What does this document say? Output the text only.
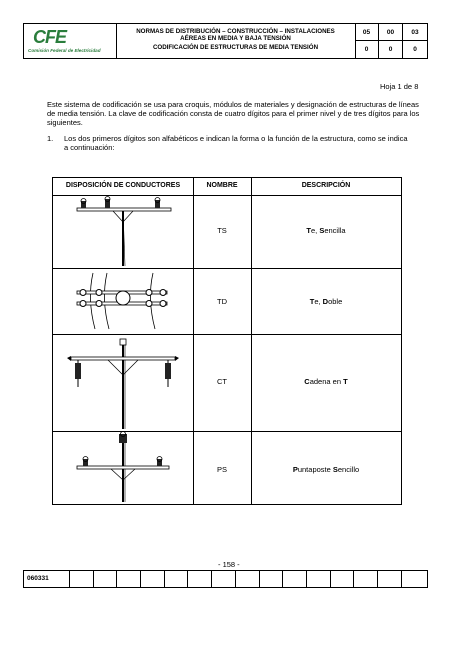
CFE
Comisión Federal de Electricidad
NORMAS DE DISTRIBUCIÓN – CONSTRUCCIÓN – INSTALACIONES
AÉREAS EN MEDIA Y BAJA TENSIÓN
CODIFICACIÓN DE ESTRUCTURAS DE MEDIA TENSIÓN
05	00	03
0	0	0
Hoja 1 de 8
Este sistema de codificación se usa para croquis, módulos de materiales y designación de estructuras de líneas de media tensión. La clave de codificación consta de cuatro dígitos para el primer nivel y de tres dígitos para los siguientes.
1. Los dos primeros dígitos son alfabéticos e indican la forma o la función de la estructura, como se indica a continuación:
DISPOSICIÓN DE CONDUCTORES	NOMBRE	DESCRIPCIÓN
TS	Te, Sencilla
TD	Te, Doble
CT	Cadena en T
PS	Puntaposte Sencillo
- 158 -
060331
